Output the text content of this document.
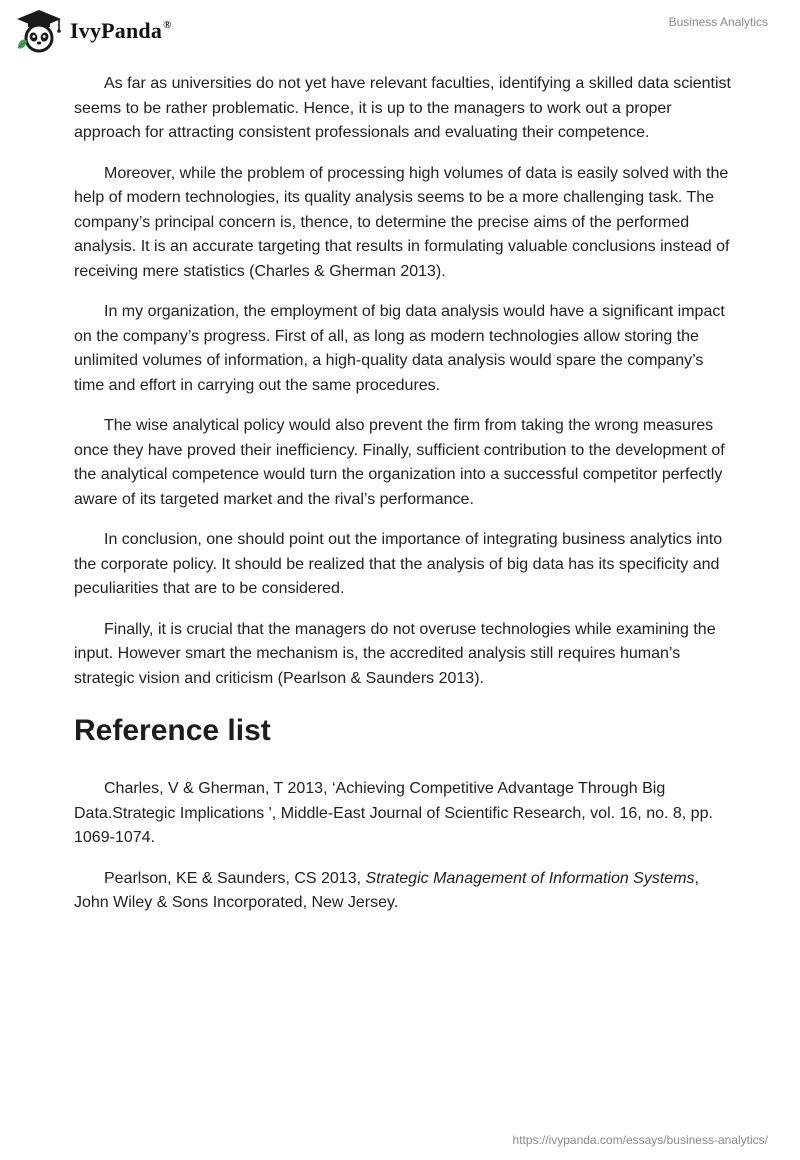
IvyPanda®	Business Analytics

As far as universities do not yet have relevant faculties, identifying a skilled data scientist seems to be rather problematic. Hence, it is up to the managers to work out a proper approach for attracting consistent professionals and evaluating their competence.

Moreover, while the problem of processing high volumes of data is easily solved with the help of modern technologies, its quality analysis seems to be a more challenging task. The company’s principal concern is, thence, to determine the precise aims of the performed analysis. It is an accurate targeting that results in formulating valuable conclusions instead of receiving mere statistics (Charles & Gherman 2013).

In my organization, the employment of big data analysis would have a significant impact on the company’s progress. First of all, as long as modern technologies allow storing the unlimited volumes of information, a high-quality data analysis would spare the company’s time and effort in carrying out the same procedures.

The wise analytical policy would also prevent the firm from taking the wrong measures once they have proved their inefficiency. Finally, sufficient contribution to the development of the analytical competence would turn the organization into a successful competitor perfectly aware of its targeted market and the rival’s performance.

In conclusion, one should point out the importance of integrating business analytics into the corporate policy. It should be realized that the analysis of big data has its specificity and peculiarities that are to be considered.

Finally, it is crucial that the managers do not overuse technologies while examining the input. However smart the mechanism is, the accredited analysis still requires human’s strategic vision and criticism (Pearlson & Saunders 2013).

Reference list

Charles, V & Gherman, T 2013, ‘Achieving Competitive Advantage Through Big Data.Strategic Implications ', Middle-East Journal of Scientific Research, vol. 16, no. 8, pp. 1069-1074.

Pearlson, KE & Saunders, CS 2013, Strategic Management of Information Systems, John Wiley & Sons Incorporated, New Jersey.

https://ivypanda.com/essays/business-analytics/
